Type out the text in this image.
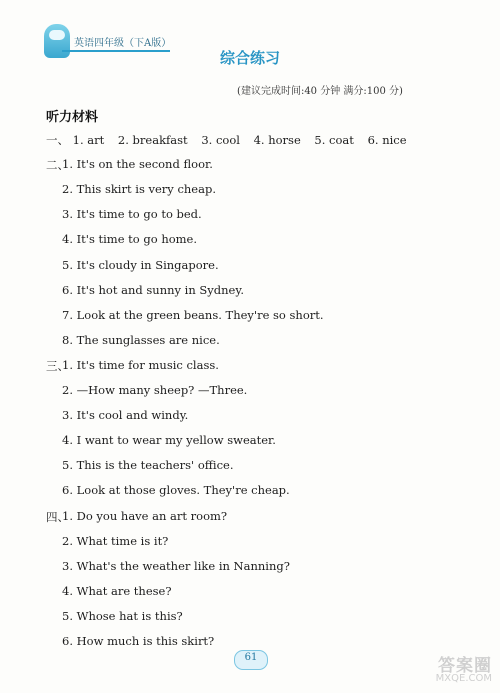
英语四年级（下A版）
综合练习
(建议完成时间:40 分钟 满分:100 分)
听力材料
一、 1. art 2. breakfast 3. cool 4. horse 5. coat 6. nice
二、
1. It's on the second floor.
2. This skirt is very cheap.
3. It's time to go to bed.
4. It's time to go home.
5. It's cloudy in Singapore.
6. It's hot and sunny in Sydney.
7. Look at the green beans. They're so short.
8. The sunglasses are nice.
三、
1. It's time for music class.
2. —How many sheep? —Three.
3. It's cool and windy.
4. I want to wear my yellow sweater.
5. This is the teachers' office.
6. Look at those gloves. They're cheap.
四、
1. Do you have an art room?
2. What time is it?
3. What's the weather like in Nanning?
4. What are these?
5. Whose hat is this?
6. How much is this skirt?
61	答案圈
MXQE.COM
